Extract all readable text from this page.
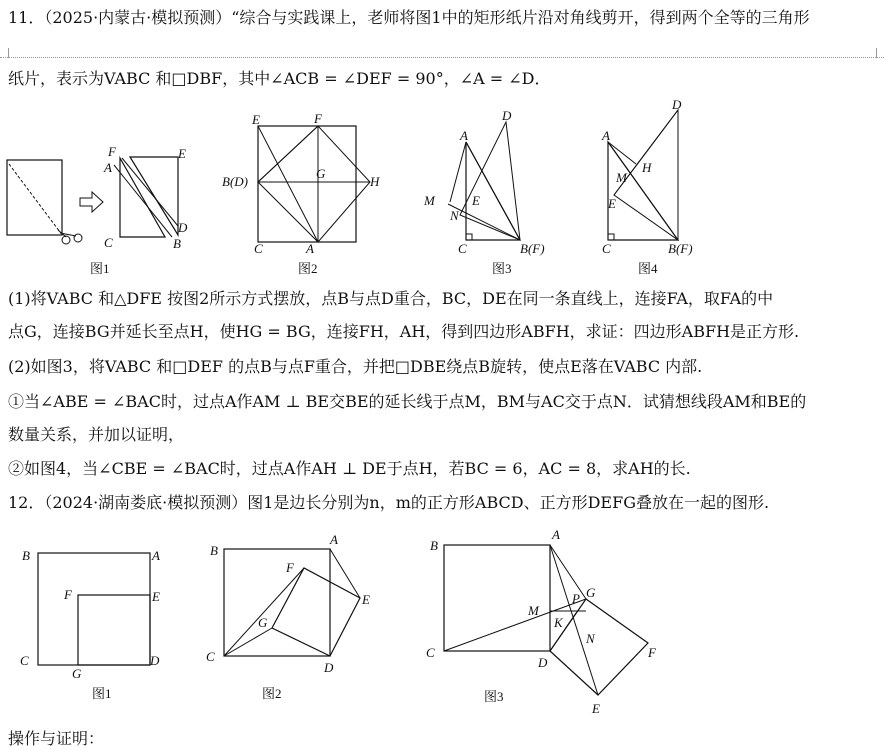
11．（2025·内蒙古·模拟预测）“综合与实践课上，老师将图1中的矩形纸片沿对角线剪开，得到两个全等的三角形
纸片，表示为VABC 和□DBF，其中∠ACB = ∠DEF = 90°，∠A = ∠D．
F	E
A
C
D
B
图1
E	F
G
B(D)	H
C	A
图2
A
D
M
N
E
C	B(F)
图3
A
D
H
M
E
C	B(F)
图4
(1)将VABC 和△DFE 按图2所示方式摆放，点B与点D重合，BC，DE在同一条直线上，连接FA，取FA的中
点G，连接BG并延长至点H，使HG = BG，连接FH，AH，得到四边形ABFH，求证：四边形ABFH是正方形.
(2)如图3，将VABC 和□DEF 的点B与点F重合，并把□DBE绕点B旋转，使点E落在VABC 内部.
①当∠ABE = ∠BAC时，过点A作AM ⊥ BE交BE的延长线于点M，BM与AC交于点N．试猜想线段AM和BE的
数量关系，并加以证明，
②如图4，当∠CBE = ∠BAC时，过点A作AH ⊥ DE于点H，若BC = 6，AC = 8，求AH的长.
12．（2024·湖南娄底·模拟预测）图1是边长分别为n，m的正方形ABCD、正方形DEFG叠放在一起的图形.
B	A
F	E
C
G
D
图1
B
A
F
E
G
C
D
图2
B
A
M
P G
K
N
C
D
F
E
图3
操作与证明：
